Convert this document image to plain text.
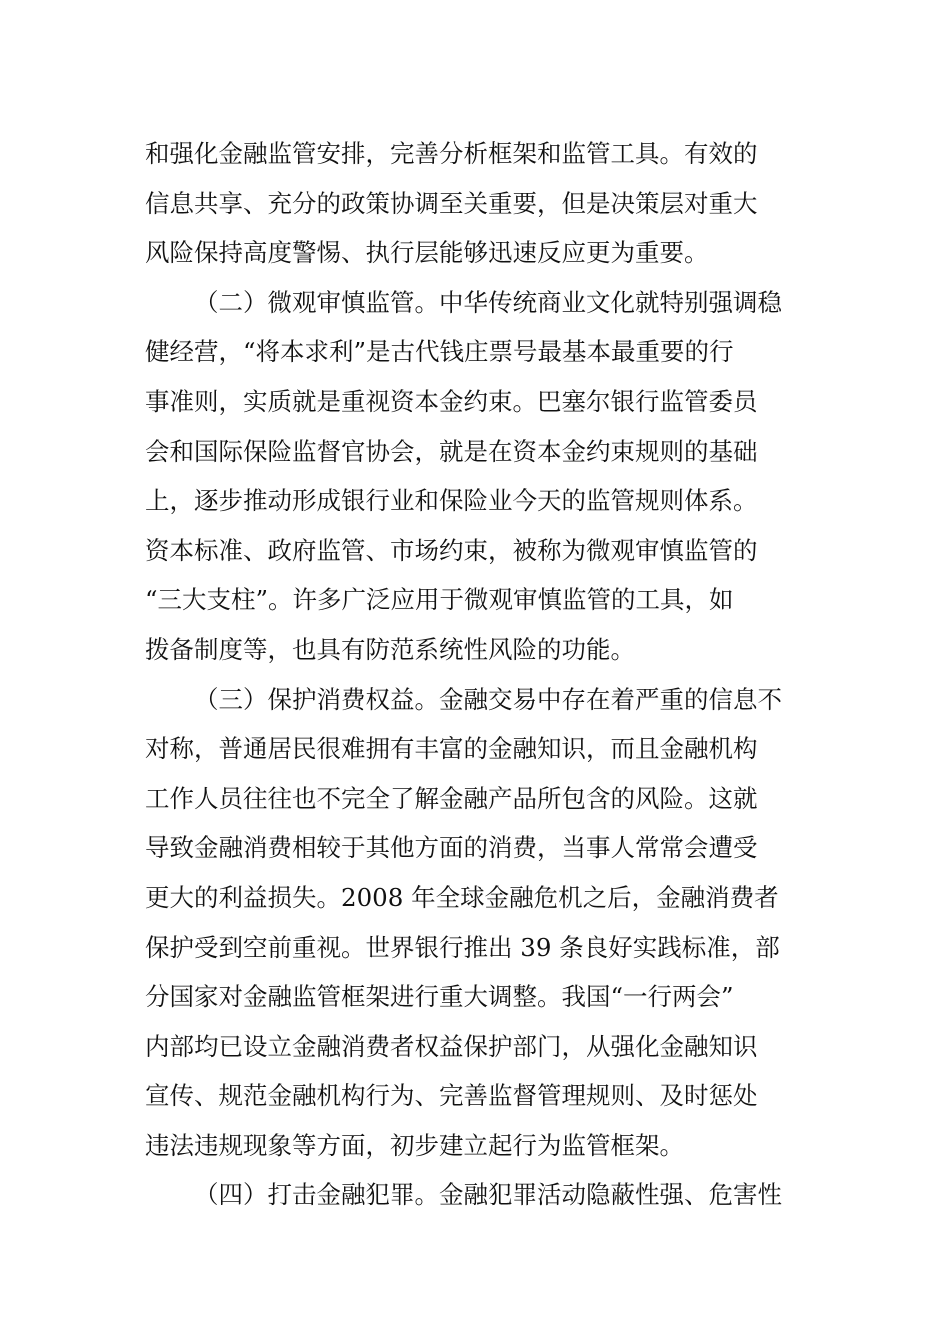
和强化金融监管安排，完善分析框架和监管工具。有效的
信息共享、充分的政策协调至关重要，但是决策层对重大
风险保持高度警惕、执行层能够迅速反应更为重要。
（二）微观审慎监管。中华传统商业文化就特别强调稳
健经营，“将本求利”是古代钱庄票号最基本最重要的行
事准则，实质就是重视资本金约束。巴塞尔银行监管委员
会和国际保险监督官协会，就是在资本金约束规则的基础
上，逐步推动形成银行业和保险业今天的监管规则体系。
资本标准、政府监管、市场约束，被称为微观审慎监管的
“三大支柱”。许多广泛应用于微观审慎监管的工具，如
拨备制度等，也具有防范系统性风险的功能。
（三）保护消费权益。金融交易中存在着严重的信息不
对称，普通居民很难拥有丰富的金融知识，而且金融机构
工作人员往往也不完全了解金融产品所包含的风险。这就
导致金融消费相较于其他方面的消费，当事人常常会遭受
更大的利益损失。2008 年全球金融危机之后，金融消费者
保护受到空前重视。世界银行推出 39 条良好实践标准，部
分国家对金融监管框架进行重大调整。我国“一行两会”
内部均已设立金融消费者权益保护部门，从强化金融知识
宣传、规范金融机构行为、完善监督管理规则、及时惩处
违法违规现象等方面，初步建立起行为监管框架。
（四）打击金融犯罪。金融犯罪活动隐蔽性强、危害性
